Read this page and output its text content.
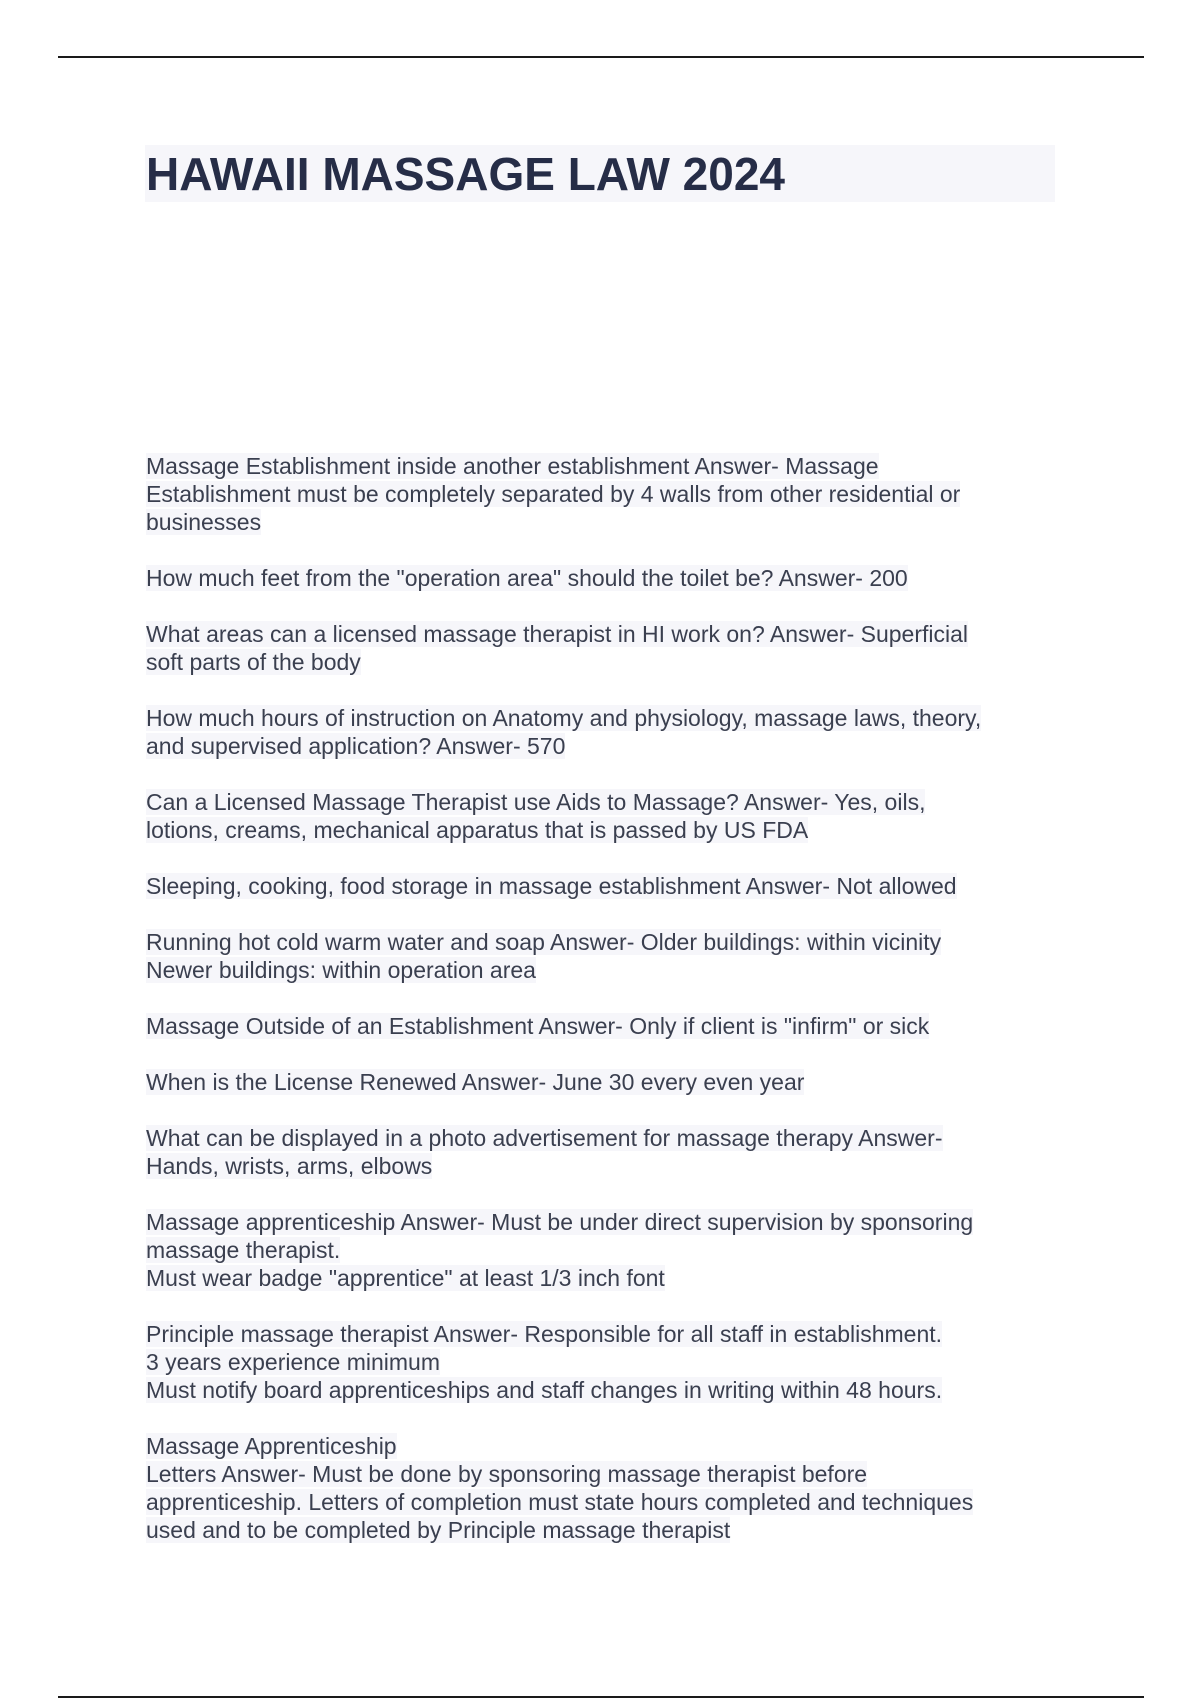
HAWAII MASSAGE LAW 2024

Massage Establishment inside another establishment Answer- Massage
Establishment must be completely separated by 4 walls from other residential or
businesses

How much feet from the "operation area" should the toilet be? Answer- 200

What areas can a licensed massage therapist in HI work on? Answer- Superficial
soft parts of the body

How much hours of instruction on Anatomy and physiology, massage laws, theory,
and supervised application? Answer- 570

Can a Licensed Massage Therapist use Aids to Massage? Answer- Yes, oils,
lotions, creams, mechanical apparatus that is passed by US FDA

Sleeping, cooking, food storage in massage establishment Answer- Not allowed

Running hot cold warm water and soap Answer- Older buildings: within vicinity
Newer buildings: within operation area

Massage Outside of an Establishment Answer- Only if client is "infirm" or sick

When is the License Renewed Answer- June 30 every even year

What can be displayed in a photo advertisement for massage therapy Answer-
Hands, wrists, arms, elbows

Massage apprenticeship Answer- Must be under direct supervision by sponsoring
massage therapist.
Must wear badge "apprentice" at least 1/3 inch font

Principle massage therapist Answer- Responsible for all staff in establishment.
3 years experience minimum
Must notify board apprenticeships and staff changes in writing within 48 hours.

Massage Apprenticeship
Letters Answer- Must be done by sponsoring massage therapist before
apprenticeship. Letters of completion must state hours completed and techniques
used and to be completed by Principle massage therapist
